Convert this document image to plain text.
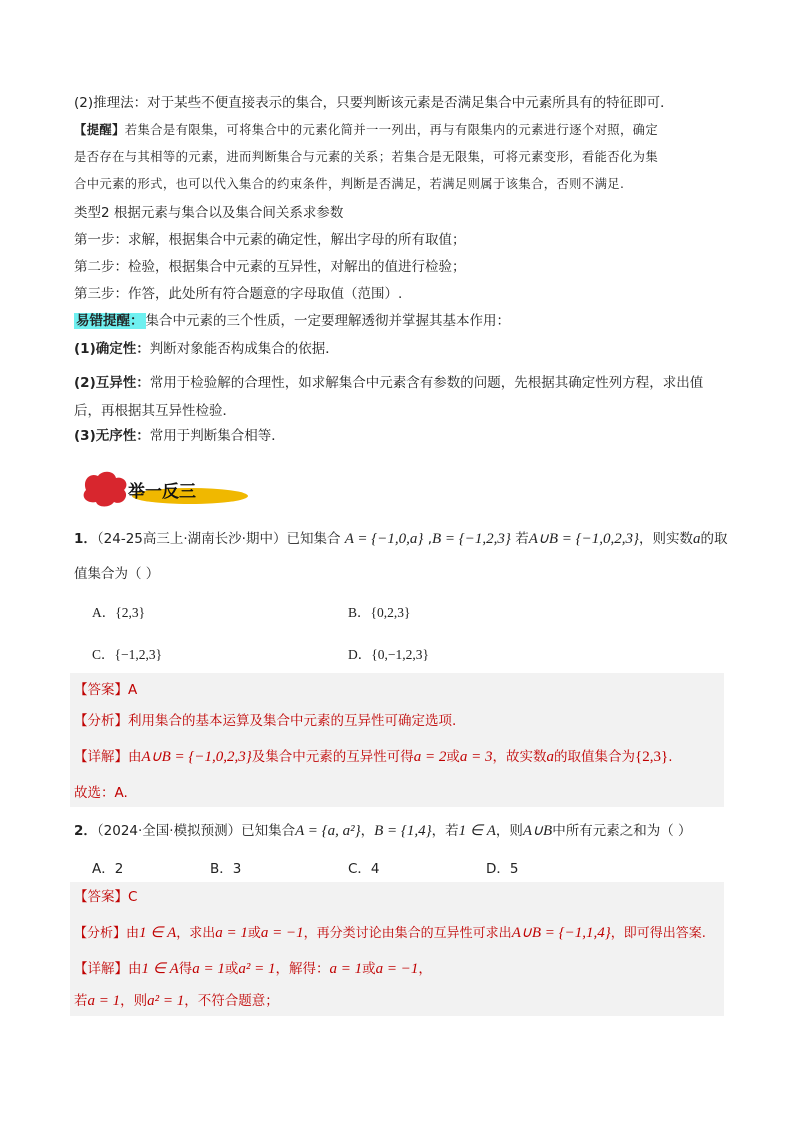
(2)推理法：对于某些不便直接表示的集合，只要判断该元素是否满足集合中元素所具有的特征即可．
【提醒】若集合是有限集，可将集合中的元素化简并一一列出，再与有限集内的元素进行逐个对照，确定
是否存在与其相等的元素，进而判断集合与元素的关系；若集合是无限集，可将元素变形，看能否化为集
合中元素的形式，也可以代入集合的约束条件，判断是否满足，若满足则属于该集合，否则不满足.
类型2 根据元素与集合以及集合间关系求参数
第一步：求解，根据集合中元素的确定性，解出字母的所有取值；
第二步：检验，根据集合中元素的互异性，对解出的值进行检验；
第三步：作答，此处所有符合题意的字母取值（范围）.
易错提醒： 集合中元素的三个性质，一定要理解透彻并掌握其基本作用：
(1)确定性：判断对象能否构成集合的依据．
(2)互异性：常用于检验解的合理性，如求解集合中元素含有参数的问题，先根据其确定性列方程，求出值
后，再根据其互异性检验．
(3)无序性：常用于判断集合相等．
举一反三
1．（24-25高三上·湖南长沙·期中）已知集合 A = {−1,0,a} ,B = {−1,2,3} 若A∪B = {−1,0,2,3}，则实数a的取
值集合为（ ）
A．{2,3}	B．{0,2,3}
C．{−1,2,3}	D．{0,−1,2,3}
【答案】A
【分析】利用集合的基本运算及集合中元素的互异性可确定选项.
【详解】由A∪B = {−1,0,2,3}及集合中元素的互异性可得a = 2或a = 3，故实数a的取值集合为{2,3}.
故选：A.
2．（2024·全国·模拟预测）已知集合A = {a, a²}，B = {1,4}，若1 ∈ A，则A∪B中所有元素之和为（ ）
A．2	B．3	C．4	D．5
【答案】C
【分析】由1 ∈ A，求出a = 1或a = −1，再分类讨论由集合的互异性可求出A∪B = {−1,1,4}，即可得出答案.
【详解】由1 ∈ A得a = 1或a² = 1，解得：a = 1或a = −1，
若a = 1，则a² = 1，不符合题意；
